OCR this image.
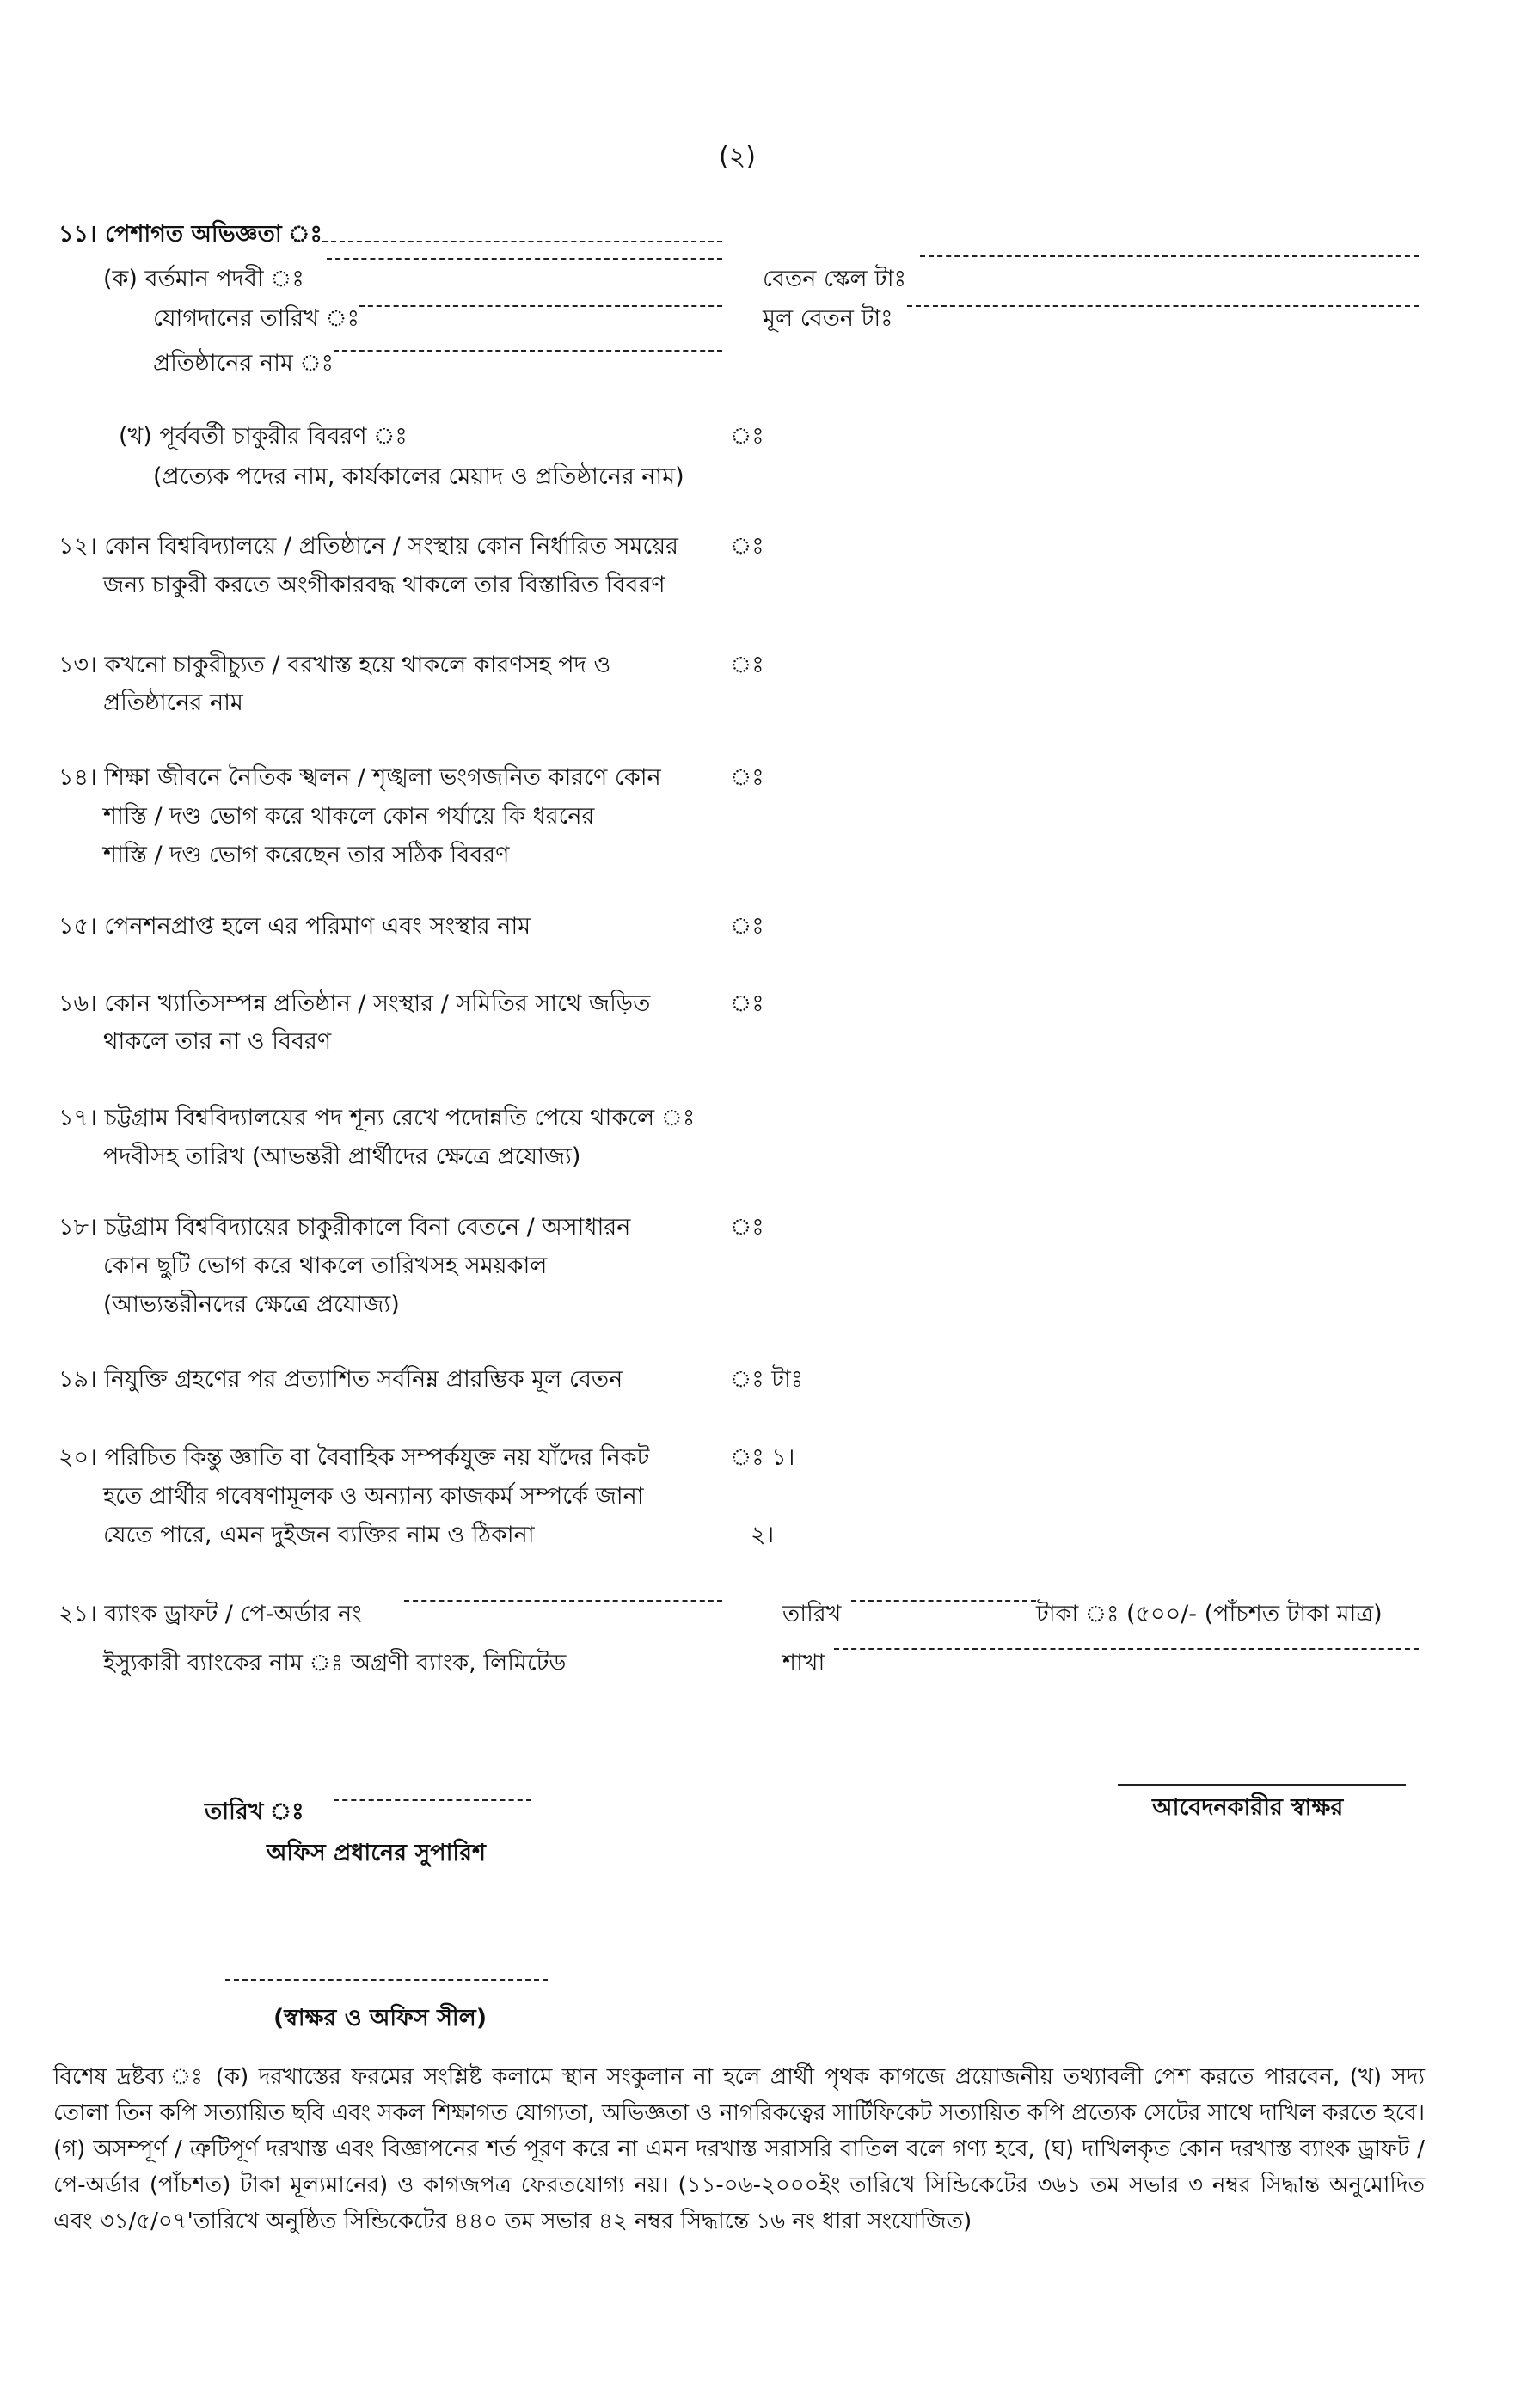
(২)
১১। পেশাগত অভিজ্ঞতা ঃ
(ক) বর্তমান পদবী ঃ	বেতন স্কেল টাঃ
যোগদানের তারিখ ঃ	মূল বেতন টাঃ
প্রতিষ্ঠানের নাম ঃ
(খ) পূর্ববর্তী চাকুরীর বিবরণ ঃ	ঃ
(প্রত্যেক পদের নাম, কার্যকালের মেয়াদ ও প্রতিষ্ঠানের নাম)
১২। কোন বিশ্ববিদ্যালয়ে / প্রতিষ্ঠানে / সংস্থায় কোন নির্ধারিত সময়ের ঃ
জন্য চাকুরী করতে অংগীকারবদ্ধ থাকলে তার বিস্তারিত বিবরণ
১৩। কখনো চাকুরীচ্যুত / বরখাস্ত হয়ে থাকলে কারণসহ পদ ও	ঃ
প্রতিষ্ঠানের নাম
১৪। শিক্ষা জীবনে নৈতিক স্খলন / শৃঙ্খলা ভংগজনিত কারণে কোন	ঃ
শাস্তি / দণ্ড ভোগ করে থাকলে কোন পর্যায়ে কি ধরনের
শাস্তি / দণ্ড ভোগ করেছেন তার সঠিক বিবরণ
১৫। পেনশনপ্রাপ্ত হলে এর পরিমাণ এবং সংস্থার নাম	ঃ
১৬। কোন খ্যাতিসম্পন্ন প্রতিষ্ঠান / সংস্থার / সমিতির সাথে জড়িত	ঃ
থাকলে তার না ও বিবরণ
১৭। চট্টগ্রাম বিশ্ববিদ্যালয়ের পদ শূন্য রেখে পদোন্নতি পেয়ে থাকলে ঃ
পদবীসহ তারিখ (আভন্তরী প্রার্থীদের ক্ষেত্রে প্রযোজ্য)
১৮। চট্টগ্রাম বিশ্ববিদ্যায়ের চাকুরীকালে বিনা বেতনে / অসাধারন	ঃ
কোন ছুটি ভোগ করে থাকলে তারিখসহ সময়কাল
(আভ্যন্তরীনদের ক্ষেত্রে প্রযোজ্য)
১৯। নিযুক্তি গ্রহণের পর প্রত্যাশিত সর্বনিম্ন প্রারম্ভিক মূল বেতন	ঃ টাঃ
২০। পরিচিত কিন্তু জ্ঞাতি বা বৈবাহিক সম্পর্কযুক্ত নয় যাঁদের নিকট	ঃ ১।
হতে প্রার্থীর গবেষণামূলক ও অন্যান্য কাজকর্ম সম্পর্কে জানা
যেতে পারে, এমন দুইজন ব্যক্তির নাম ও ঠিকানা	২।
২১। ব্যাংক ড্রাফট / পে-অর্ডার নং	তারিখ	টাকা ঃ (৫০০/- (পাঁচশত টাকা মাত্র)
ইস্যুকারী ব্যাংকের নাম ঃ অগ্রণী ব্যাংক, লিমিটেড	শাখা
তারিখ ঃ
অফিস প্রধানের সুপারিশ
আবেদনকারীর স্বাক্ষর
(স্বাক্ষর ও অফিস সীল)
বিশেষ দ্রষ্টব্য ঃ (ক) দরখাস্তের ফরমের সংশ্লিষ্ট কলামে স্থান সংকুলান না হলে প্রার্থী পৃথক কাগজে প্রয়োজনীয় তথ্যাবলী পেশ করতে পারবেন, (খ) সদ্য তোলা তিন কপি সত্যায়িত ছবি এবং সকল শিক্ষাগত যোগ্যতা, অভিজ্ঞতা ও নাগরিকত্বের সার্টিফিকেট সত্যায়িত কপি প্রত্যেক সেটের সাথে দাখিল করতে হবে। (গ) অসম্পূর্ণ / ত্রুটিপূর্ণ দরখাস্ত এবং বিজ্ঞাপনের শর্ত পূরণ করে না এমন দরখাস্ত সরাসরি বাতিল বলে গণ্য হবে, (ঘ) দাখিলকৃত কোন দরখাস্ত ব্যাংক ড্রাফট / পে-অর্ডার (পাঁচশত) টাকা মূল্যমানের) ও কাগজপত্র ফেরতযোগ্য নয়। (১১-০৬-২০০০ইং তারিখে সিন্ডিকেটের ৩৬১ তম সভার ৩ নম্বর সিদ্ধান্ত অনুমোদিত এবং ৩১/৫/০৭'তারিখে অনুষ্ঠিত সিন্ডিকেটের ৪৪০ তম সভার ৪২ নম্বর সিদ্ধান্তে ১৬ নং ধারা সংযোজিত)
